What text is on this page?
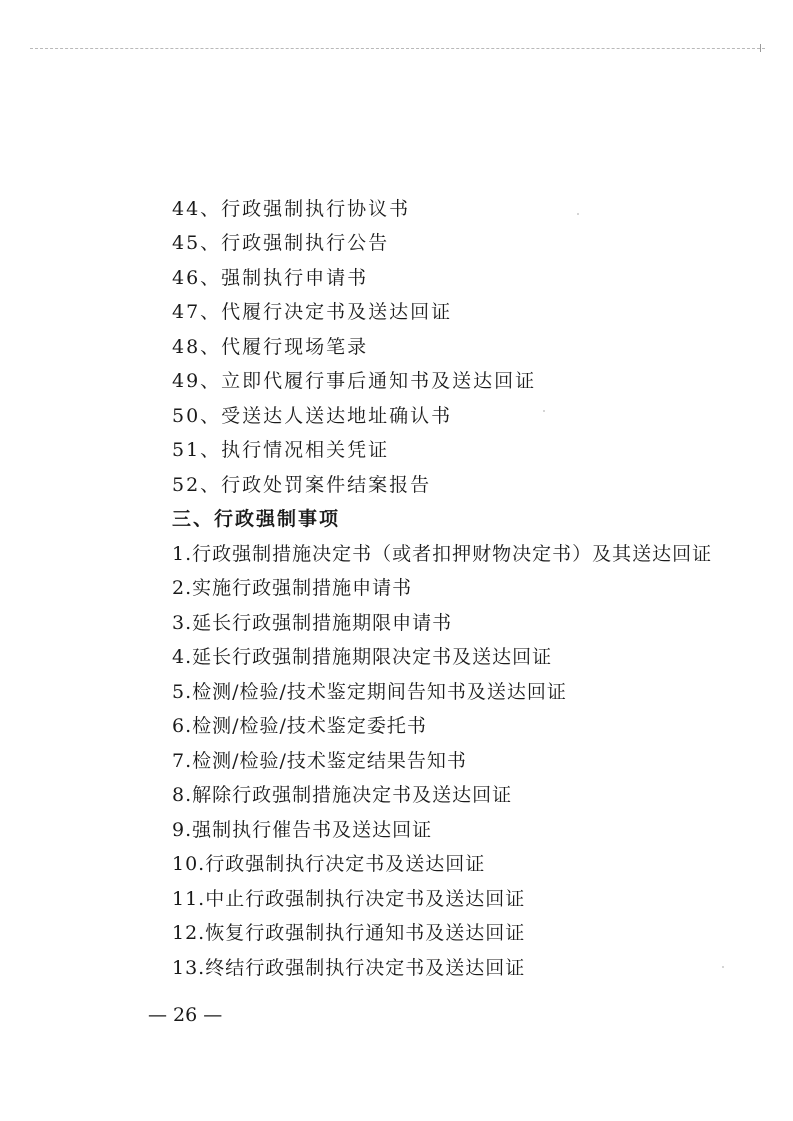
44、行政强制执行协议书
45、行政强制执行公告
46、强制执行申请书
47、代履行决定书及送达回证
48、代履行现场笔录
49、立即代履行事后通知书及送达回证
50、受送达人送达地址确认书
51、执行情况相关凭证
52、行政处罚案件结案报告
三、行政强制事项
1.行政强制措施决定书（或者扣押财物决定书）及其送达回证
2.实施行政强制措施申请书
3.延长行政强制措施期限申请书
4.延长行政强制措施期限决定书及送达回证
5.检测/检验/技术鉴定期间告知书及送达回证
6.检测/检验/技术鉴定委托书
7.检测/检验/技术鉴定结果告知书
8.解除行政强制措施决定书及送达回证
9.强制执行催告书及送达回证
10.行政强制执行决定书及送达回证
11.中止行政强制执行决定书及送达回证
12.恢复行政强制执行通知书及送达回证
13.终结行政强制执行决定书及送达回证
— 26 —
